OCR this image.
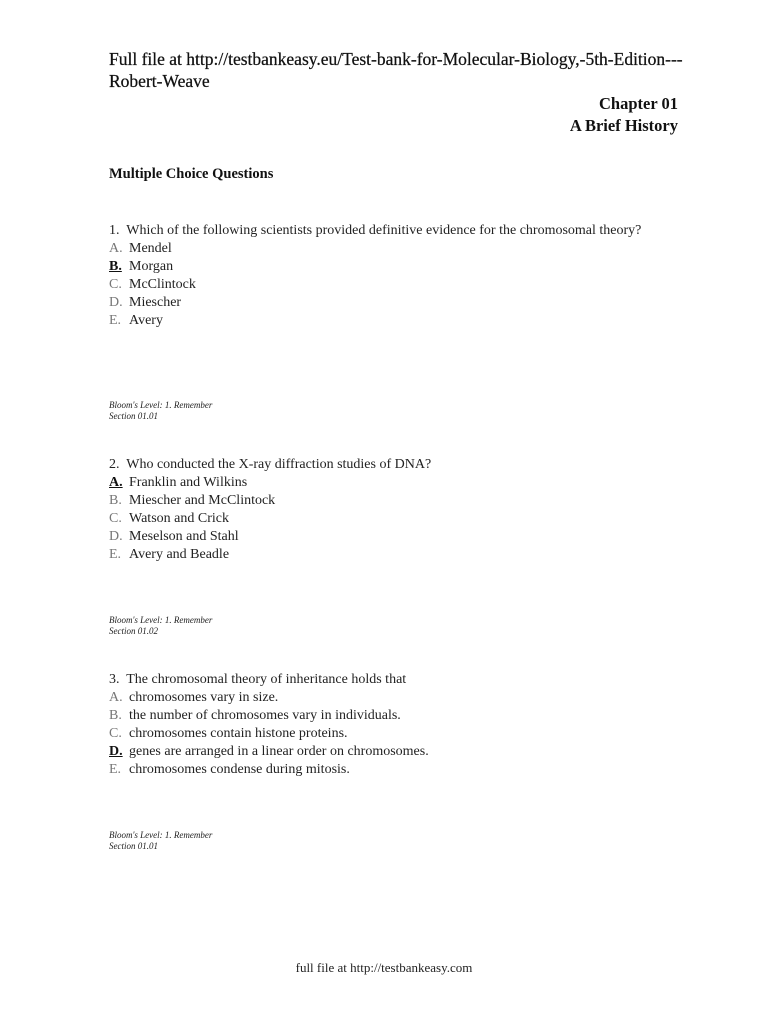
Full file at http://testbankeasy.eu/Test-bank-for-Molecular-Biology,-5th-Edition---Robert-Weave
Chapter 01
A Brief History
Multiple Choice Questions

1. Which of the following scientists provided definitive evidence for the chromosomal theory?

A. Mendel
B. Morgan
C. McClintock
D. Miescher
E. Avery

Bloom's Level: 1. Remember

Section 01.01

2. Who conducted the X-ray diffraction studies of DNA?

A. Franklin and Wilkins
B. Miescher and McClintock
C. Watson and Crick
D. Meselson and Stahl
E. Avery and Beadle

Bloom's Level: 1. Remember

Section 01.02

3. The chromosomal theory of inheritance holds that

A. chromosomes vary in size.
B. the number of chromosomes vary in individuals.
C. chromosomes contain histone proteins.
D. genes are arranged in a linear order on chromosomes.
E. chromosomes condense during mitosis.

Bloom's Level: 1. Remember

Section 01.01

full file at http://testbankeasy.com
